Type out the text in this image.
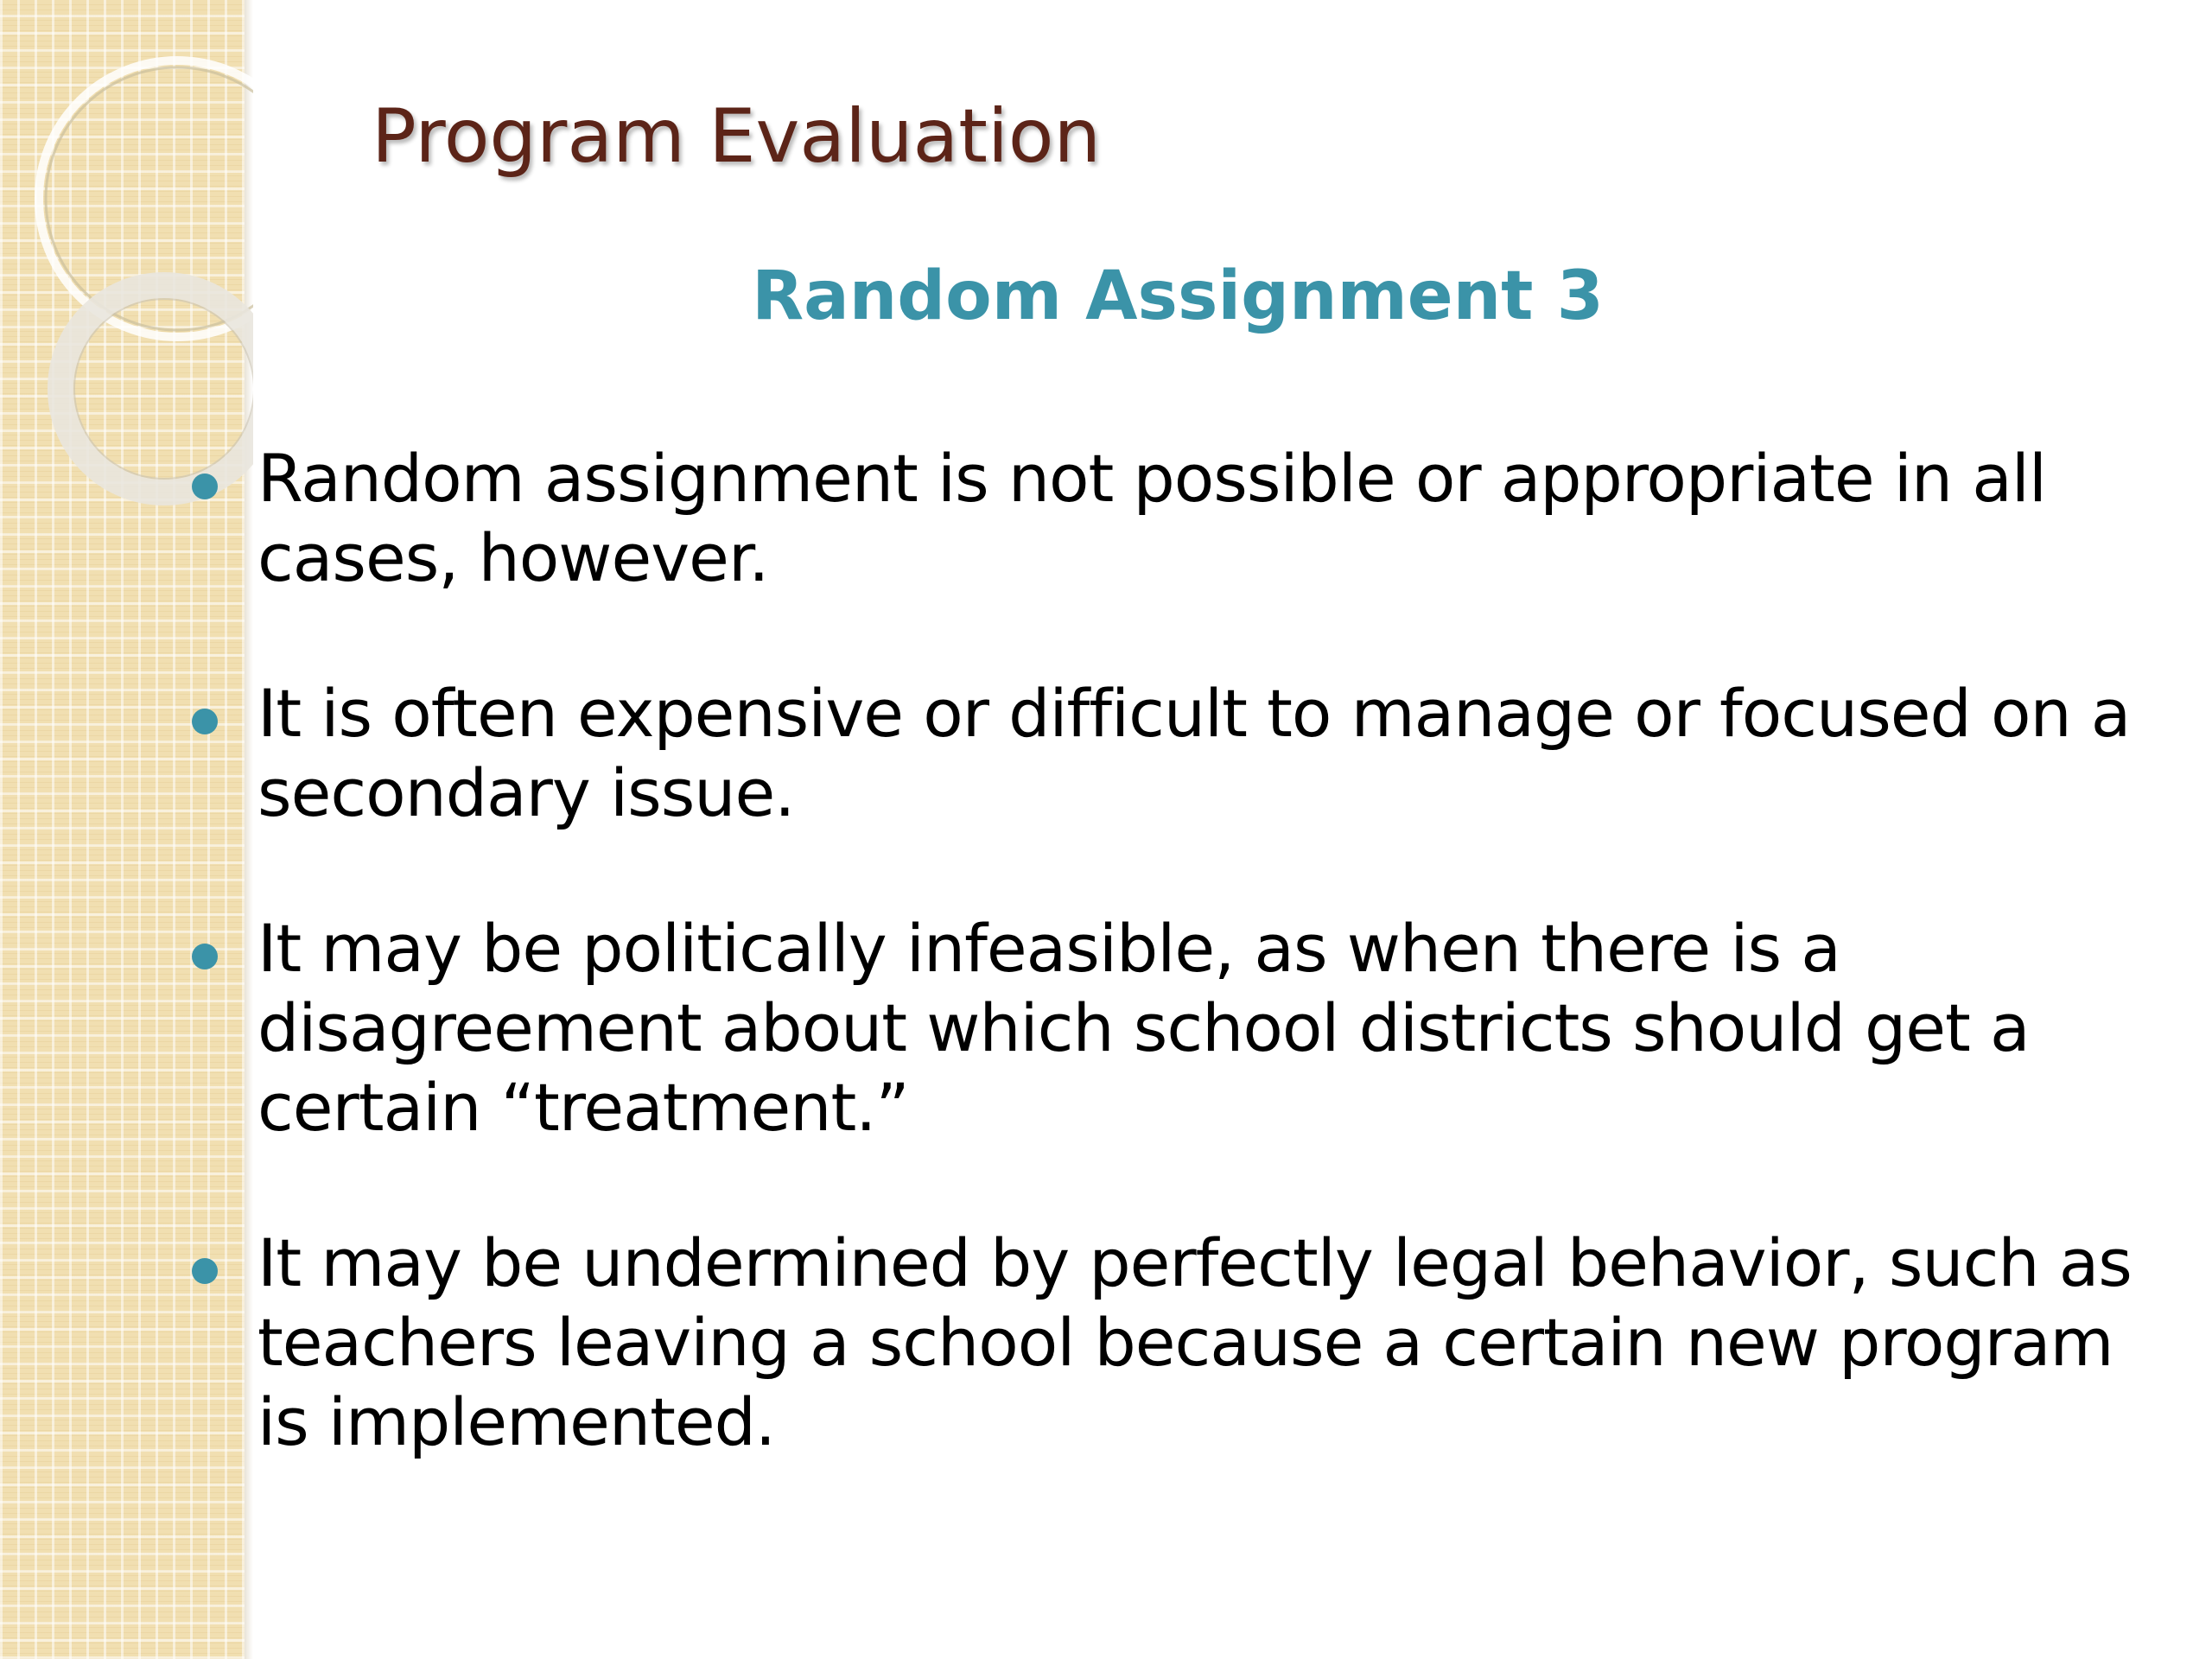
Program Evaluation
Random Assignment 3
Random assignment is not possible or appropriate in all cases, however.
It is often expensive or difficult to manage or focused on a secondary issue.
It may be politically infeasible, as when there is a disagreement about which school districts should get a certain “treatment.”
It may be undermined by perfectly legal behavior, such as teachers leaving a school because a certain new program is implemented.
